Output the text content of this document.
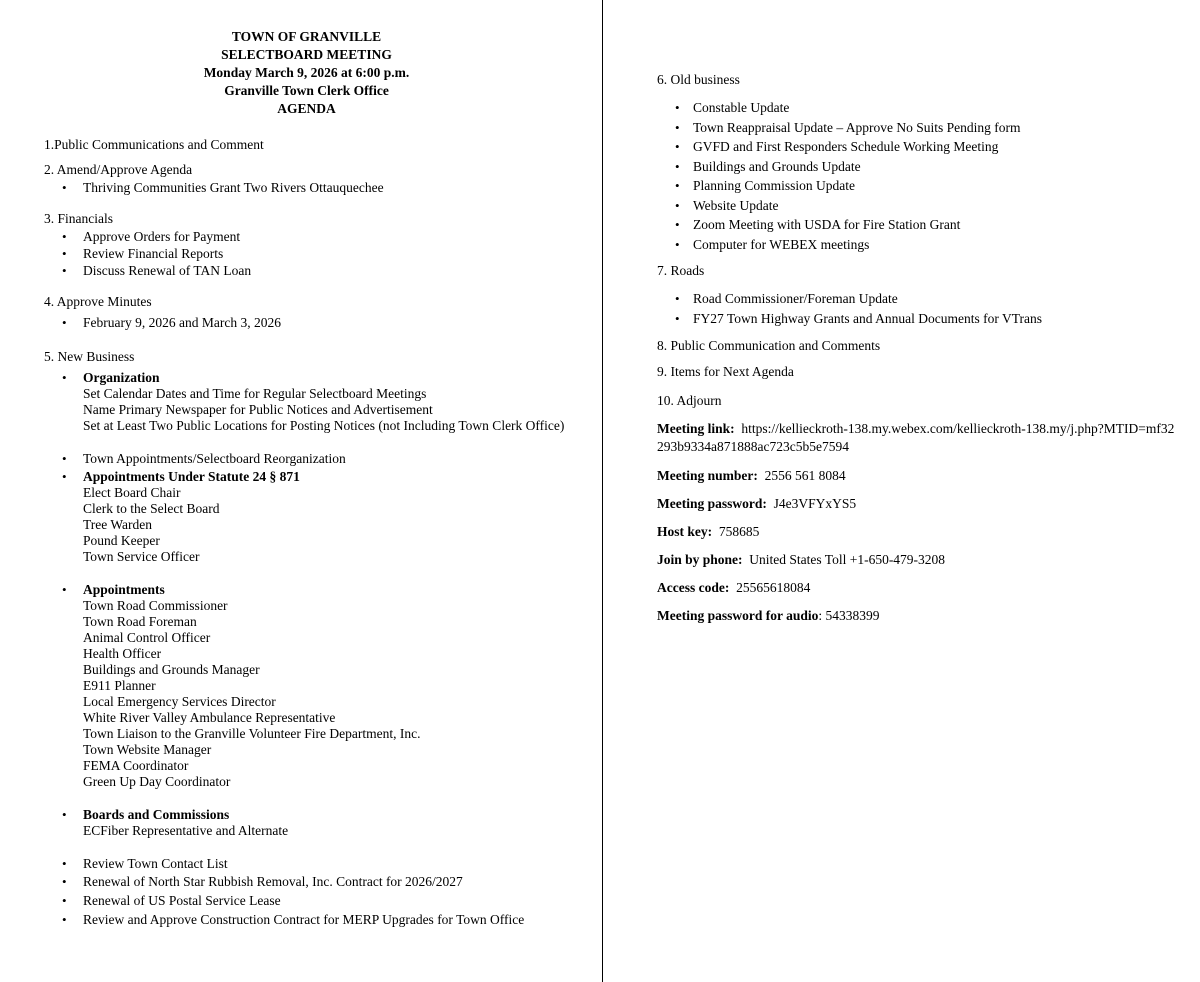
TOWN OF GRANVILLE
SELECTBOARD MEETING
Monday March 9, 2026 at 6:00 p.m.
Granville Town Clerk Office
AGENDA

1.Public Communications and Comment

2. Amend/Approve Agenda

• Thriving Communities Grant Two Rivers Ottauquechee

3. Financials

• Approve Orders for Payment
• Review Financial Reports
• Discuss Renewal of TAN Loan

4. Approve Minutes

• February 9, 2026 and March 3, 2026

5. New Business

• Organization
Set Calendar Dates and Time for Regular Selectboard Meetings
Name Primary Newspaper for Public Notices and Advertisement
Set at Least Two Public Locations for Posting Notices (not Including Town Clerk Office)
• Town Appointments/Selectboard Reorganization
• Appointments Under Statute 24 § 871
Elect Board Chair
Clerk to the Select Board
Tree Warden
Pound Keeper
Town Service Officer
• Appointments
Town Road Commissioner
Town Road Foreman
Animal Control Officer
Health Officer
Buildings and Grounds Manager
E911 Planner
Local Emergency Services Director
White River Valley Ambulance Representative
Town Liaison to the Granville Volunteer Fire Department, Inc.
Town Website Manager
FEMA Coordinator
Green Up Day Coordinator
• Boards and Commissions
ECFiber Representative and Alternate
• Review Town Contact List
• Renewal of North Star Rubbish Removal, Inc. Contract for 2026/2027
• Renewal of US Postal Service Lease
• Review and Approve Construction Contract for MERP Upgrades for Town Office

6. Old business

• Constable Update
• Town Reappraisal Update – Approve No Suits Pending form
• GVFD and First Responders Schedule Working Meeting
• Buildings and Grounds Update
• Planning Commission Update
• Website Update
• Zoom Meeting with USDA for Fire Station Grant
• Computer for WEBEX meetings

7. Roads

• Road Commissioner/Foreman Update
• FY27 Town Highway Grants and Annual Documents for VTrans

8. Public Communication and Comments

9. Items for Next Agenda

10. Adjourn

Meeting link: https://kellieckroth-138.my.webex.com/kellieckroth-138.my/j.php?MTID=mf32293b9334a871888ac723c5b5e7594
Meeting number: 2556 561 8084
Meeting password: J4e3VFYxYS5
Host key: 758685
Join by phone: United States Toll +1-650-479-3208
Access code: 25565618084
Meeting password for audio: 54338399
